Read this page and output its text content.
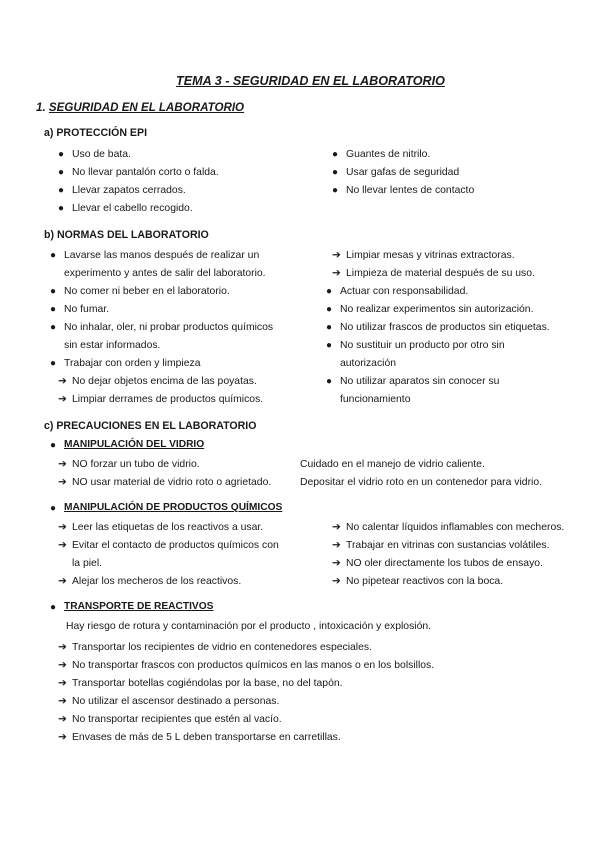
TEMA 3 - SEGURIDAD EN EL LABORATORIO
1. SEGURIDAD EN EL LABORATORIO
a) PROTECCIÓN EPI
● Uso de bata.
● No llevar pantalón corto o falda.
● Llevar zapatos cerrados.
● Llevar el cabello recogido.
● Guantes de nitrilo.
● Usar gafas de seguridad
● No llevar lentes de contacto
b) NORMAS DEL LABORATORIO
● Lavarse las manos después de realizar un
experimento y antes de salir del laboratorio.
● No comer ni beber en el laboratorio.
● No fumar.
● No inhalar, oler, ni probar productos químicos
sin estar informados.
● Trabajar con orden y limpieza
➔ No dejar objetos encima de las poyatas.
➔ Limpiar derrames de productos químicos.
➔ Limpiar mesas y vitrinas extractoras.
➔ Limpieza de material después de su uso.
● Actuar con responsabilidad.
● No realizar experimentos sin autorización.
● No utilizar frascos de productos sin etiquetas.
● No sustituir un producto por otro sin
autorización
● No utilizar aparatos sin conocer su
funcionamiento
c) PRECAUCIONES EN EL LABORATORIO
● MANIPULACIÓN DEL VIDRIO
➔ NO forzar un tubo de vidrio.
➔ NO usar material de vidrio roto o agrietado.
Cuidado en el manejo de vidrio caliente.
Depositar el vidrio roto en un contenedor para vidrio.
● MANIPULACIÓN DE PRODUCTOS QUÍMICOS
➔ Leer las etiquetas de los reactivos a usar.
➔ Evitar el contacto de productos químicos con
la piel.
➔ Alejar los mecheros de los reactivos.
➔ No calentar líquidos inflamables con mecheros.
➔ Trabajar en vitrinas con sustancias volátiles.
➔ NO oler directamente los tubos de ensayo.
➔ No pipetear reactivos con la boca.
● TRANSPORTE DE REACTIVOS
Hay riesgo de rotura y contaminación por el producto , intoxicación y explosión.
➔ Transportar los recipientes de vidrio en contenedores especiales.
➔ No transportar frascos con productos químicos en las manos o en los bolsillos.
➔ Transportar botellas cogiéndolas por la base, no del tapón.
➔ No utilizar el ascensor destinado a personas.
➔ No transportar recipientes que estén al vacío.
➔ Envases de más de 5 L deben transportarse en carretillas.
